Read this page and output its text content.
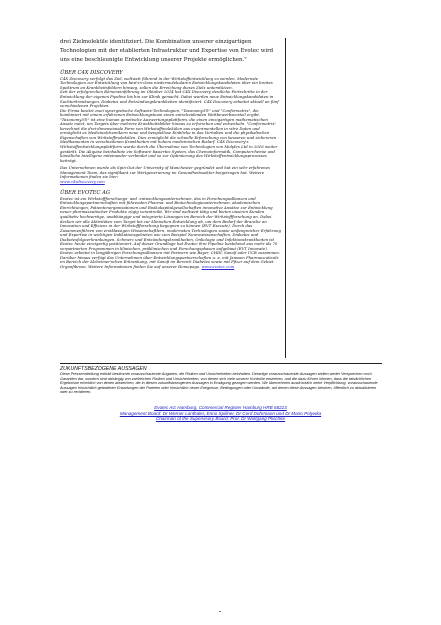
drei Zielmoleküle identifiziert. Die Kombination unserer einzigartigen Technologien mit der etablierten Infrastruktur und Expertise von Evotec wird uns eine beschleunigte Entwicklung unserer Projekte ermöglichen."

ÜBER C4X DISCOVERY

C4X Discovery verfolgt das Ziel, weltweit führend in der Wirkstoffentwicklung zu werden. Modernste Technologien zur Entwicklung von best-in-class niedermolekularen Entwicklungskandidaten über ein breites Spektrum an Krankheitsfeldern hinweg, sollen die Erreichung dieses Ziels unterstützen.

Seit der erfolgreichen Börseneinführung im Oktober 2014 hat C4X Discovery deutliche Fortschritte in der Entwicklung der eigenen Pipeline bis hin zur Klinik gemacht. Dabei wurden neue Entwicklungskandidaten in Suchterkrankungen, Diabetes und Entzündungskrankheiten identifiziert. C4X Discovery arbeitet aktuell an fünf verschiedenen Projekten.

Die Firma besitzt zwei synergistische Software-Technologien, "Taxonomy3®" und "Conformetrix", die kombiniert mit einem erfahrenen Entwicklungsteam einen entscheidenden Wettbewerbsvorteil ergibt. "Taxonomy3®" ist eine human genetische Auswertungsplattform, die einen einzigartigen mathematischen Ansatz nutzt, um Targets über mehrere Krankheitsbilder hinaus zu erforschen und entwickeln. "Conformetrix" berechnet die drei-dimensionale Form von Wirkstoffmolekülen aus experimentellen in vitro Daten und ermöglicht es Medizinalchemikern neue und beispiellose Einblicke in das Verhalten und die physikalischen Eigenschaften von Wirkstoffmolekülen. Dies ermöglicht die schnelle Erforschung von besseren und sichereren Medikamenten in verschiedenen Krankheiten mit hohem medizinischen Bedarf. C4X Discovery's Wirkstoffentwicklungsplattform wurde durch die Übernahme von Technologien von Molplex Ltd in 2016 weiter gestärkt. Die Akquise beinhaltete ein Software basiertes System, das Chemoinformatik, Computerchemie und künstliche Intelligenz miteinander verbindet und so zur Optimierung des Wirkstoffentwicklungsprozesses beiträgt.

Das Unternehmen wurde als Spin-Out der University of Manchester gegründet und hat ein sehr erfahrenes Management Team, das signifikant zur Wertgenerierung im Gesundheitssektor beigetragen hat. Weitere Informationen finden sie hier:
www.c4xdiscovery.com

ÜBER EVOTEC AG

Evotec ist ein Wirkstoffforschungs- und -entwicklungsunternehmen, das in Forschungsallianzen und Entwicklungspartnerschaften mit führenden Pharma- und Biotechnologieunternehmen, akademischen Einrichtungen, Patientenorganisationen und Risikokapitalgesellschaften innovative Ansätze zur Entwicklung neuer pharmazeutischer Produkte zügig vorantreibt. Wir sind weltweit tätig und bieten unseren Kunden qualitativ hochwertige, unabhängige und integrierte Lösungen im Bereich der Wirkstoffforschung an. Dabei decken wir alle Aktivitäten vom Target bis zur klinischen Entwicklung ab, um dem Bedarf der Branche an Innovation und Effizienz in der Wirkstoffforschung begegnen zu können (EVT Execute). Durch das Zusammenführen von erstklassigen Wissenschaftlern, modernsten Technologien sowie umfangreicher Erfahrung und Expertise in wichtigen Indikationsgebieten wie zum Beispiel Neurowissenschaften, Diabetes und Diabetesfolgeerkrankungen, Schmerz und Entzündungskrankheiten, Onkologie und Infektionskrankheiten ist Evotec heute einzigartig positioniert. Auf dieser Grundlage hat Evotec ihre Pipeline bestehend aus mehr als 70 verpartnerten Programmen in klinischen, präklinischen und Forschungsphasen aufgebaut (EVT Innovate). Evotec arbeitet in langjährigen Forschungsallianzen mit Partnern wie Bayer, CHDI, Sanofi oder UCB zusammen. Darüber hinaus verfügt das Unternehmen über Entwicklungspartnerschaften u. a. mit Janssen Pharmaceuticals im Bereich der Alzheimer'schen Erkrankung, mit Sanofi im Bereich Diabetes sowie mit Pfizer auf dem Gebiet Organfibrose. Weitere Informationen finden Sie auf unserer Homepage. www.evotec.com

ZUKUNFTSBEZOGENE AUSSAGEN

Diese Pressemitteilung enthält bestimmte vorausschauende Angaben, die Risiken und Unsicherheiten beinhalten. Derartige vorausschauende Aussagen stellen weder Versprechen noch Garantien dar, sondern sind abhängig von zahlreichen Risiken und Unsicherheiten, von denen sich viele unserer Kontrolle entziehen, und die dazu führen können, dass die tatsächlichen Ergebnisse erheblich von denen abweichen, die in diesen zukunftsbezogenen Aussagen in Erwägung gezogen werden. Wir übernehmen ausdrücklich keine Verpflichtung, vorausschauende Aussagen hinsichtlich geänderter Erwartungen der Parteien oder hinsichtlich neuer Ereignisse, Bedingungen oder Umstände, auf denen diese Aussagen beruhen, öffentlich zu aktualisieren oder zu revidieren.

Evotec AG Hamburg, Commercial Register Hamburg HRB 68223
Management Board: Dr Werner Lanthaler, Enno Spillner, Dr Cord Dohrmann und Dr Mario Polywka
Chairman of the Supervisory Board: Prof. Dr Wolfgang Plischke
